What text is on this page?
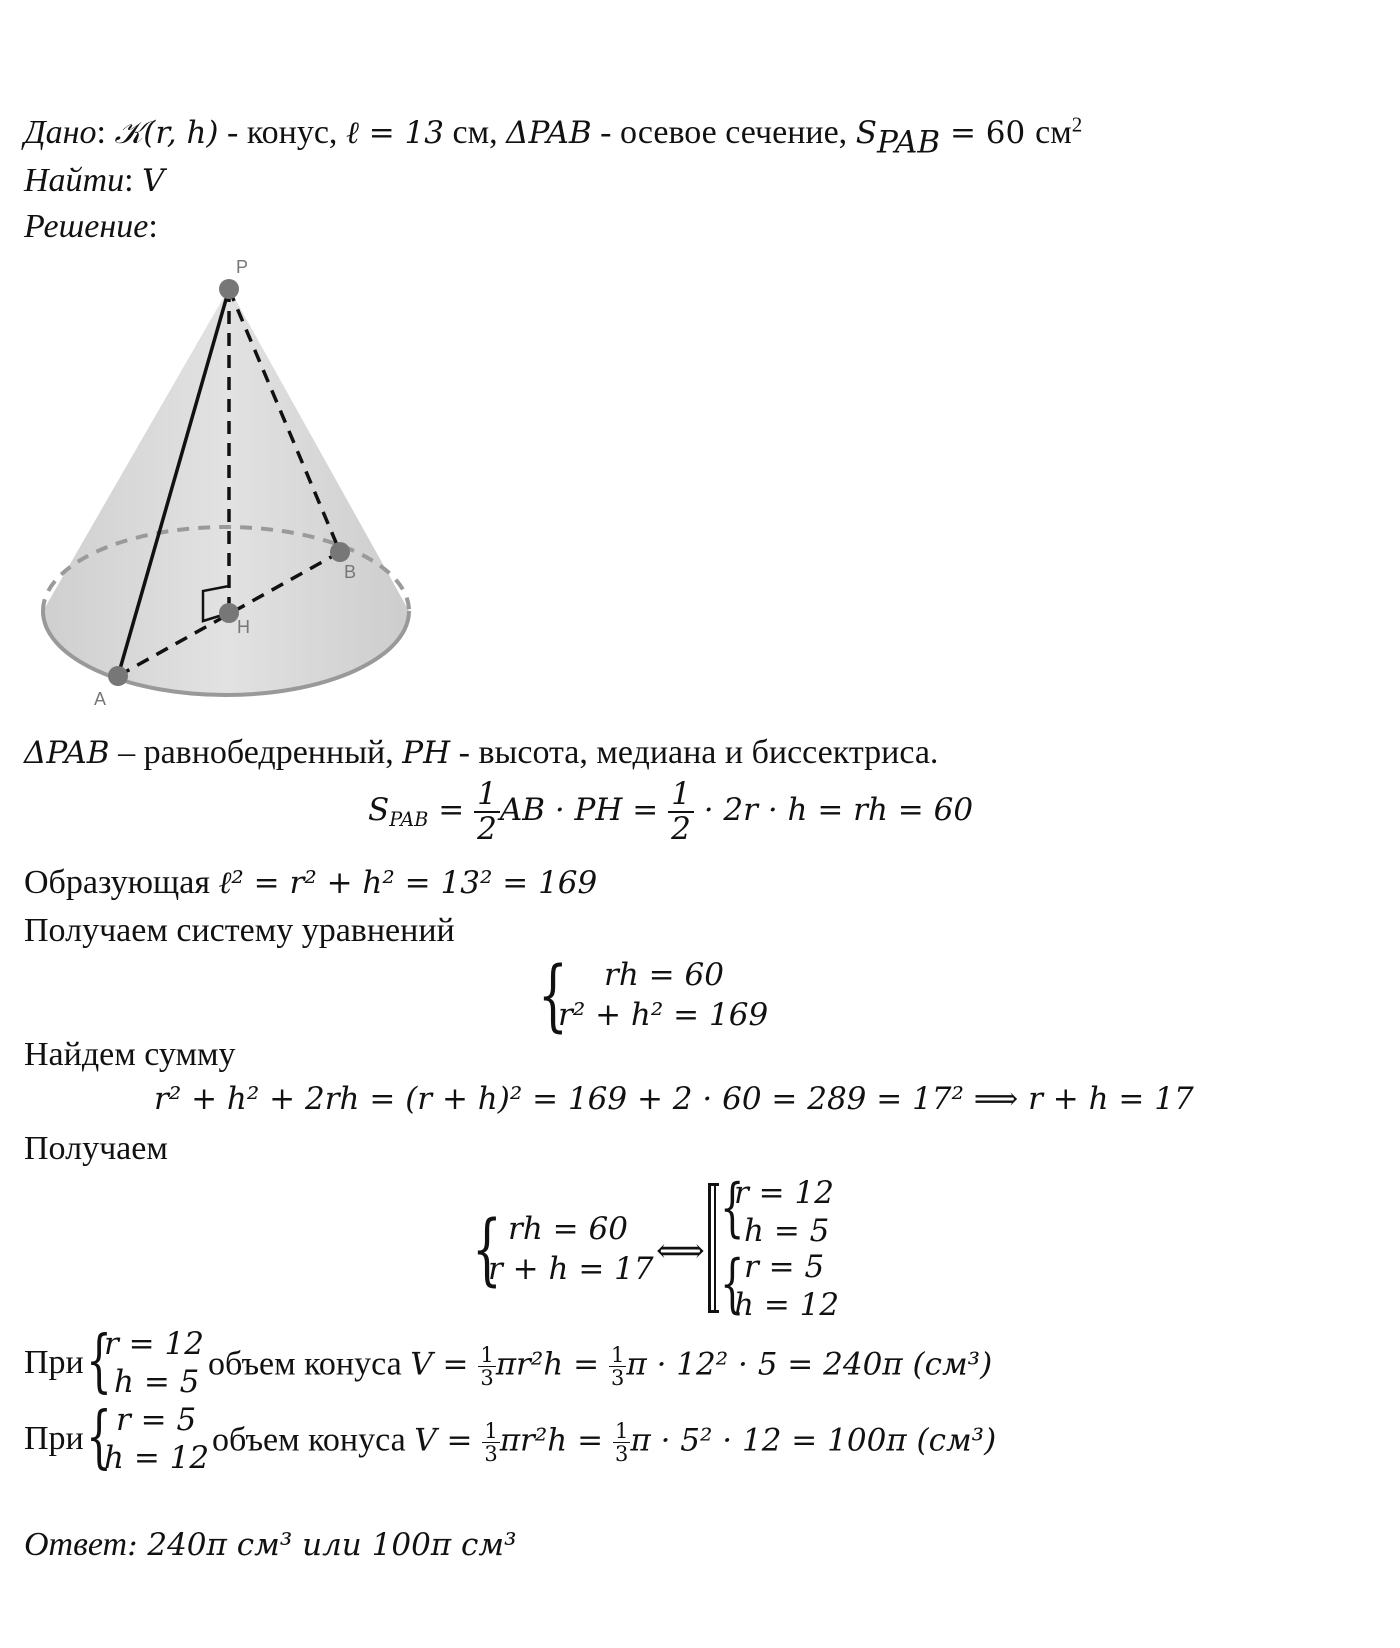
Дано: 𝒦(r, h) - конус, ℓ = 13 см, ΔPAB - осевое сечение, $S_{PAB} = 60$ $см^2$
Найти: V
Решение:
P
B
H
A
ΔPAB – равнобедренный, PH - высота, медиана и биссектриса.
$S_{PAB} = \frac{1}{2}$ AB · PH = $\frac{1}{2} \cdot 2r \cdot h$ = rh = 60
Образующая ℓ² = r² + h² = 13² = 169
Получаем систему уравнений
{ rh = 60
r² + h² = 169
Найдем сумму
r² + h² + 2rh = (r + h)² = 169 + 2 · 60 = 289 = 17² ⟹ r + h = 17
Получаем
{ rh = 60
r + h = 17 ⟺
{
r = 12
h = 5
{ r = 5
h = 12
При {
r = 12
h = 5 объем конуса $V = \frac{1}{3} \pi r^2h = \frac{1}{3}$ π · 12² · 5 = 240π (см³)
При { r = 5
h = 12 объем конуса $V = \frac{1}{3} \pi r^2h = \frac{1}{3}$ π · 5² · 12 = 100π (см³)
Ответ: 240π см³ или 100π см³
